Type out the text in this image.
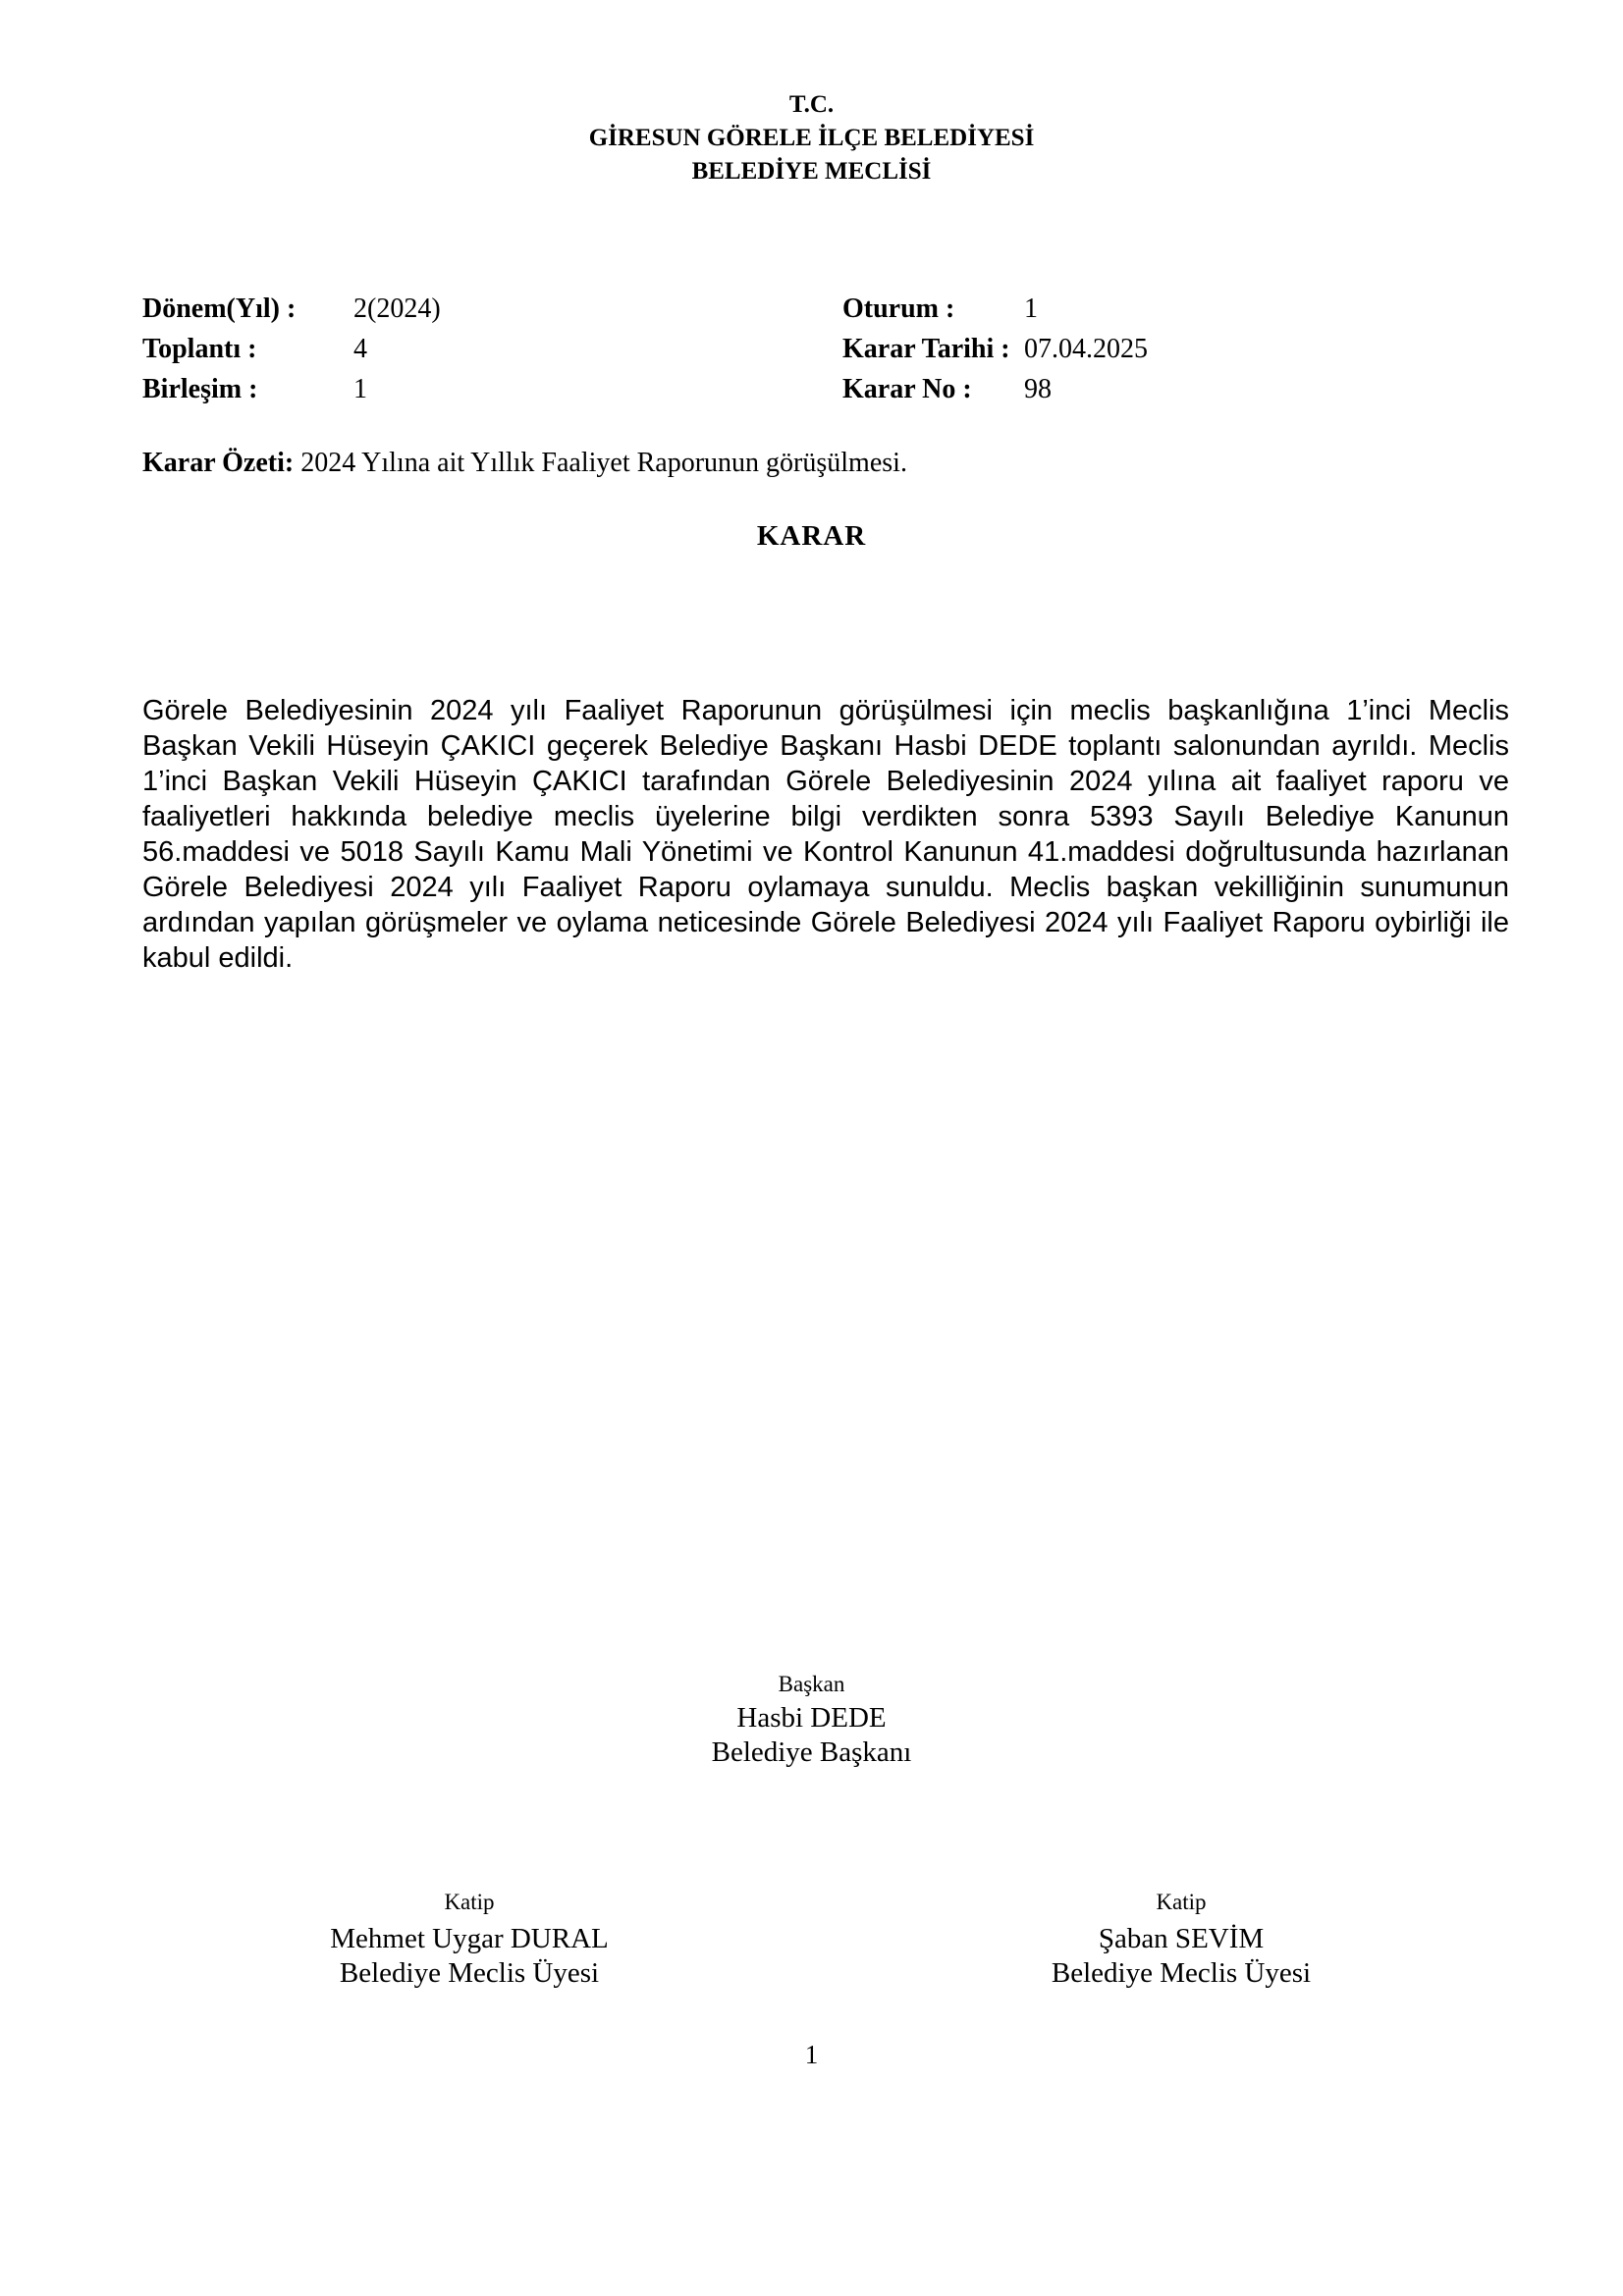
T.C.
GİRESUN GÖRELE İLÇE BELEDİYESİ
BELEDİYE MECLİSİ
Dönem(Yıl) :	2(2024)
Toplantı :	4
Birleşim :	1
Oturum :	1
Karar Tarihi : 07.04.2025
Karar No :	98
Karar Özeti: 2024 Yılına ait Yıllık Faaliyet Raporunun görüşülmesi.
KARAR
Görele Belediyesinin 2024 yılı Faaliyet Raporunun görüşülmesi için meclis başkanlığına 1’inci Meclis Başkan Vekili Hüseyin ÇAKICI geçerek Belediye Başkanı Hasbi DEDE toplantı salonundan ayrıldı. Meclis 1’inci Başkan Vekili Hüseyin ÇAKICI tarafından Görele Belediyesinin 2024 yılına ait faaliyet raporu ve faaliyetleri hakkında belediye meclis üyelerine bilgi verdikten sonra 5393 Sayılı Belediye Kanunun 56.maddesi ve 5018 Sayılı Kamu Mali Yönetimi ve Kontrol Kanunun 41.maddesi doğrultusunda hazırlanan Görele Belediyesi 2024 yılı Faaliyet Raporu oylamaya sunuldu. Meclis başkan vekilliğinin sunumunun ardından yapılan görüşmeler ve oylama neticesinde Görele Belediyesi 2024 yılı Faaliyet Raporu oybirliği ile kabul edildi.
Başkan
Hasbi DEDE
Belediye Başkanı
Katip
Mehmet Uygar DURAL
Belediye Meclis Üyesi
Katip
Şaban SEVİM
Belediye Meclis Üyesi
1
